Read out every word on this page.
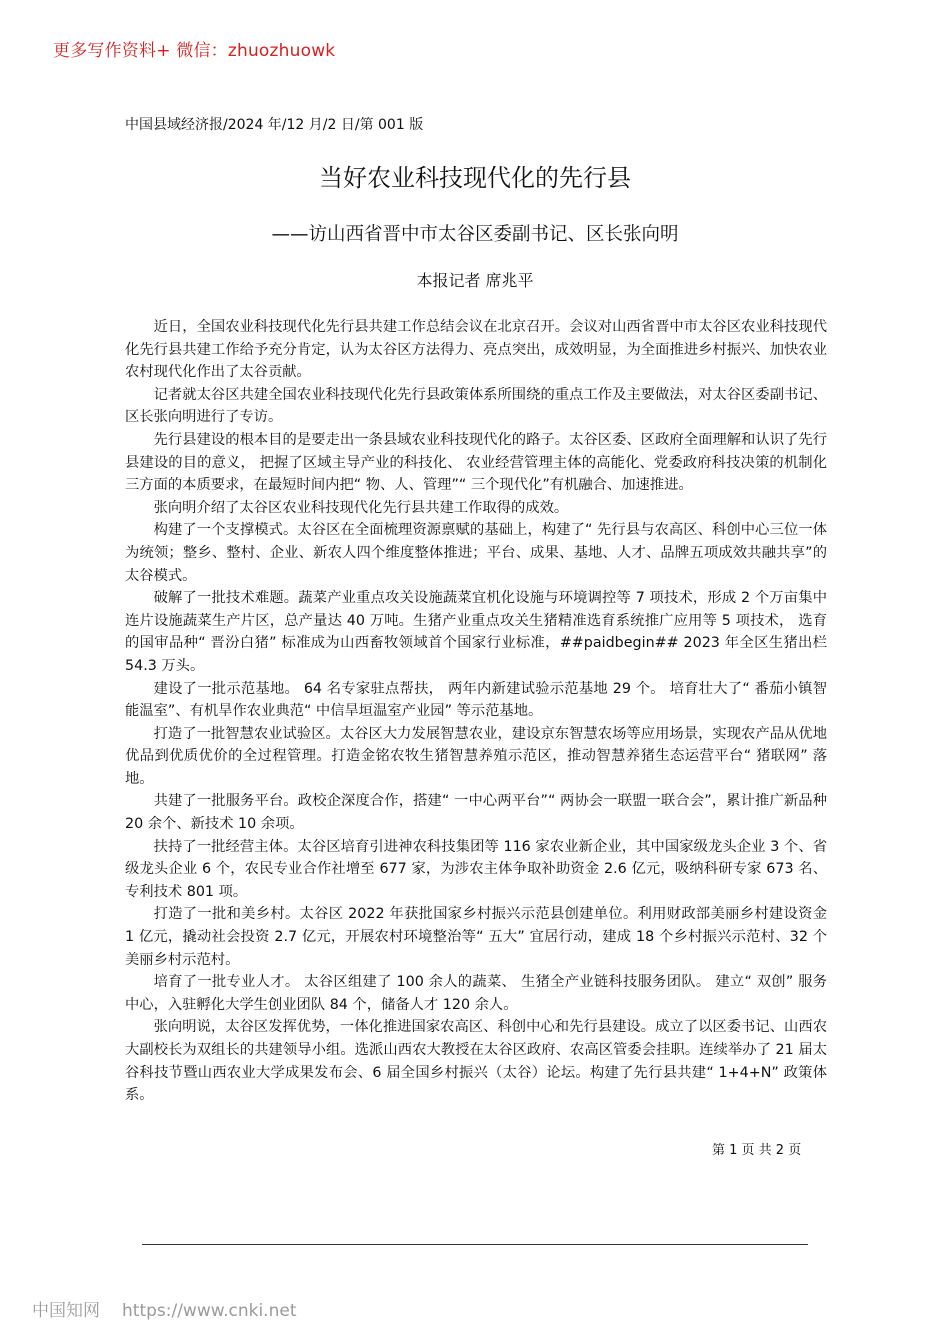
更多写作资料+ 微信：zhuozhuowk
中国县域经济报/2024 年/12 月/2 日/第 001 版
当好农业科技现代化的先行县
——访山西省晋中市太谷区委副书记、区长张向明
本报记者 席兆平

近日，全国农业科技现代化先行县共建工作总结会议在北京召开。会议对山西省晋中市太谷区农业科技现代化先行县共建工作给予充分肯定，认为太谷区方法得力、亮点突出，成效明显，为全面推进乡村振兴、加快农业农村现代化作出了太谷贡献。

记者就太谷区共建全国农业科技现代化先行县政策体系所围绕的重点工作及主要做法，对太谷区委副书记、区长张向明进行了专访。

先行县建设的根本目的是要走出一条县域农业科技现代化的路子。太谷区委、区政府全面理解和认识了先行县建设的目的意义， 把握了区域主导产业的科技化、 农业经营管理主体的高能化、党委政府科技决策的机制化三方面的本质要求，在最短时间内把“ 物、人、管理”“ 三个现代化”有机融合、加速推进。

张向明介绍了太谷区农业科技现代化先行县共建工作取得的成效。

构建了一个支撑模式。太谷区在全面梳理资源禀赋的基础上，构建了“ 先行县与农高区、科创中心三位一体为统领；整乡、整村、企业、新农人四个维度整体推进；平台、成果、基地、人才、品牌五项成效共融共享”的太谷模式。

破解了一批技术难题。蔬菜产业重点攻关设施蔬菜宜机化设施与环境调控等 7 项技术，形成 2 个万亩集中连片设施蔬菜生产片区，总产量达 40 万吨。生猪产业重点攻关生猪精准选育系统推广应用等 5 项技术， 选育的国审品种“ 晋汾白猪” 标准成为山西畜牧领域首个国家行业标准，##paidbegin## 2023 年全区生猪出栏 54.3 万头。

建设了一批示范基地。 64 名专家驻点帮扶， 两年内新建试验示范基地 29 个。 培育壮大了“ 番茄小镇智能温室”、有机旱作农业典范“ 中信旱垣温室产业园” 等示范基地。

打造了一批智慧农业试验区。太谷区大力发展智慧农业，建设京东智慧农场等应用场景，实现农产品从优地优品到优质优价的全过程管理。打造金铭农牧生猪智慧养殖示范区，推动智慧养猪生态运营平台“ 猪联网” 落地。

共建了一批服务平台。政校企深度合作，搭建“ 一中心两平台”“ 两协会一联盟一联合会”，累计推广新品种 20 余个、新技术 10 余项。

扶持了一批经营主体。太谷区培育引进神农科技集团等 116 家农业新企业，其中国家级龙头企业 3 个、省级龙头企业 6 个，农民专业合作社增至 677 家，为涉农主体争取补助资金 2.6 亿元，吸纳科研专家 673 名、专利技术 801 项。

打造了一批和美乡村。太谷区 2022 年获批国家乡村振兴示范县创建单位。利用财政部美丽乡村建设资金 1 亿元，撬动社会投资 2.7 亿元，开展农村环境整治等“ 五大” 宜居行动，建成 18 个乡村振兴示范村、32 个美丽乡村示范村。

培育了一批专业人才。 太谷区组建了 100 余人的蔬菜、 生猪全产业链科技服务团队。 建立“ 双创” 服务中心，入驻孵化大学生创业团队 84 个，储备人才 120 余人。

张向明说，太谷区发挥优势，一体化推进国家农高区、科创中心和先行县建设。成立了以区委书记、山西农大副校长为双组长的共建领导小组。选派山西农大教授在太谷区政府、农高区管委会挂职。连续举办了 21 届太谷科技节暨山西农业大学成果发布会、6 届全国乡村振兴（太谷）论坛。构建了先行县共建“ 1+4+N” 政策体系。

第 1 页 共 2 页
中国知网 https://www.cnki.net
